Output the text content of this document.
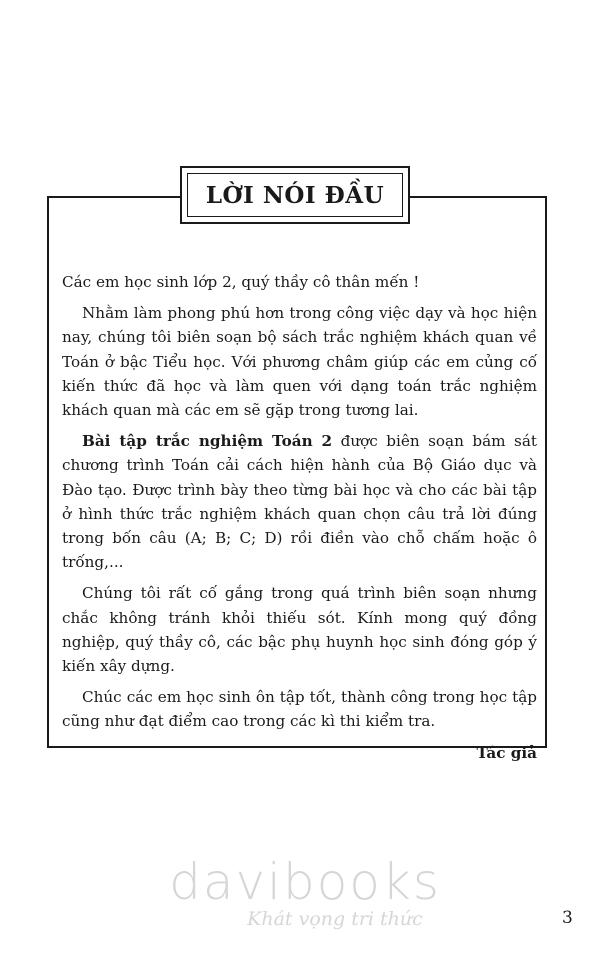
LỜI NÓI ĐẦU

Các em học sinh lớp 2, quý thầy cô thân mến !

Nhằm làm phong phú hơn trong công việc dạy và học hiện nay, chúng tôi biên soạn bộ sách trắc nghiệm khách quan về Toán ở bậc Tiểu học. Với phương châm giúp các em củng cố kiến thức đã học và làm quen với dạng toán trắc nghiệm khách quan mà các em sẽ gặp trong tương lai.

Bài tập trắc nghiệm Toán 2 được biên soạn bám sát chương trình Toán cải cách hiện hành của Bộ Giáo dục và Đào tạo. Được trình bày theo từng bài học và cho các bài tập ở hình thức trắc nghiệm khách quan chọn câu trả lời đúng trong bốn câu (A; B; C; D) rồi điền vào chỗ chấm hoặc ô trống,...

Chúng tôi rất cố gắng trong quá trình biên soạn nhưng chắc không tránh khỏi thiếu sót. Kính mong quý đồng nghiệp, quý thầy cô, các bậc phụ huynh học sinh đóng góp ý kiến xây dựng.

Chúc các em học sinh ôn tập tốt, thành công trong học tập cũng như đạt điểm cao trong các kì thi kiểm tra.

Tác giả

davibooks
Khát vọng tri thức	3
